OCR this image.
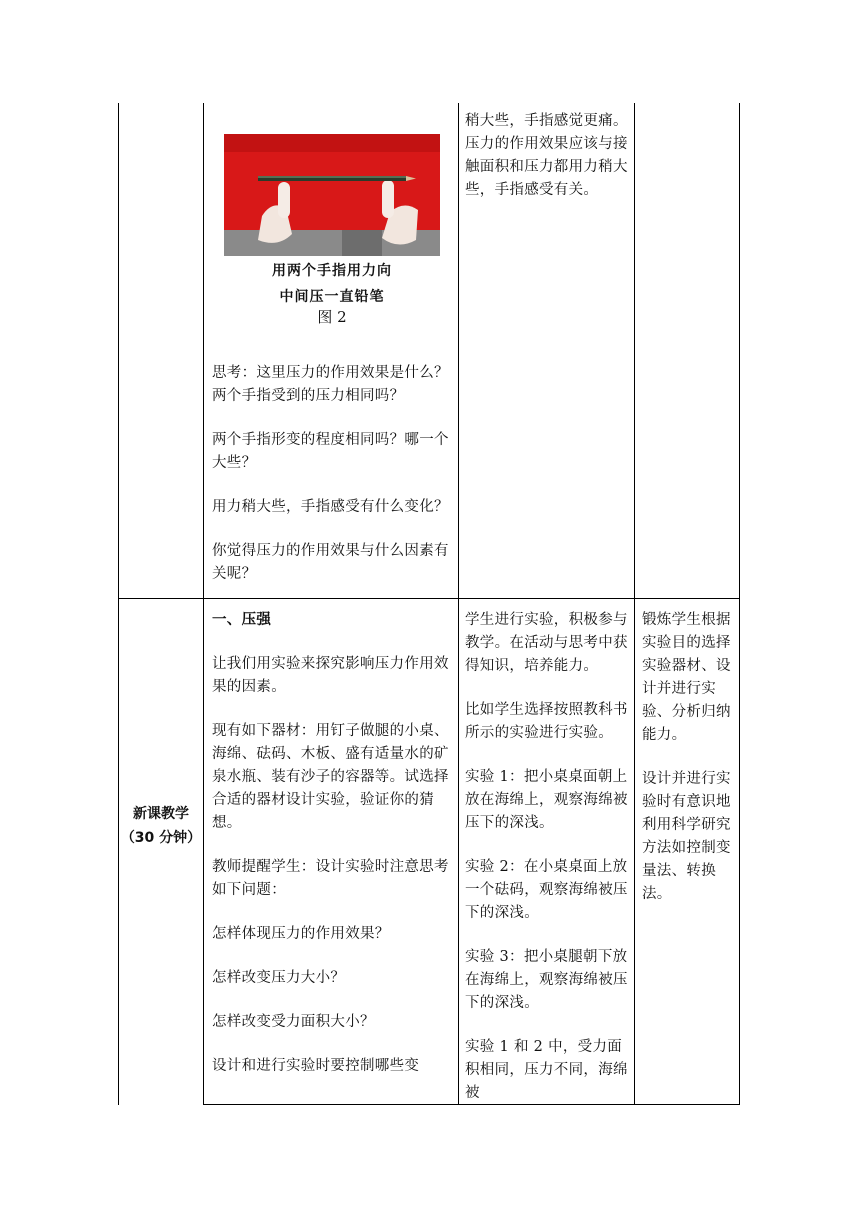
用两个手指用力向
中间压一直铅笔
图 2

思考：这里压力的作用效果是什么？两个手指受到的压力相同吗？

两个手指形变的程度相同吗？哪一个大些？

用力稍大些，手指感受有什么变化？

你觉得压力的作用效果与什么因素有关呢？

稍大些，手指感觉更痛。压力的作用效果应该与接触面积和压力都用力稍大些，手指感受有关。

新课教学
（30 分钟）

一、压强

让我们用实验来探究影响压力作用效果的因素。

现有如下器材：用钉子做腿的小桌、海绵、砝码、木板、盛有适量水的矿泉水瓶、装有沙子的容器等。试选择合适的器材设计实验，验证你的猜想。

教师提醒学生：设计实验时注意思考如下问题：

怎样体现压力的作用效果？

怎样改变压力大小？

怎样改变受力面积大小？

设计和进行实验时要控制哪些变

学生进行实验，积极参与教学。在活动与思考中获得知识，培养能力。

比如学生选择按照教科书所示的实验进行实验。

实验 1：把小桌桌面朝上放在海绵上，观察海绵被压下的深浅。

实验 2：在小桌桌面上放一个砝码，观察海绵被压下的深浅。

实验 3：把小桌腿朝下放在海绵上，观察海绵被压下的深浅。

实验 1 和 2 中，受力面积相同，压力不同，海绵被

锻炼学生根据实验目的选择实验器材、设计并进行实验、分析归纳能力。

设计并进行实验时有意识地利用科学研究方法如控制变量法、转换法。
